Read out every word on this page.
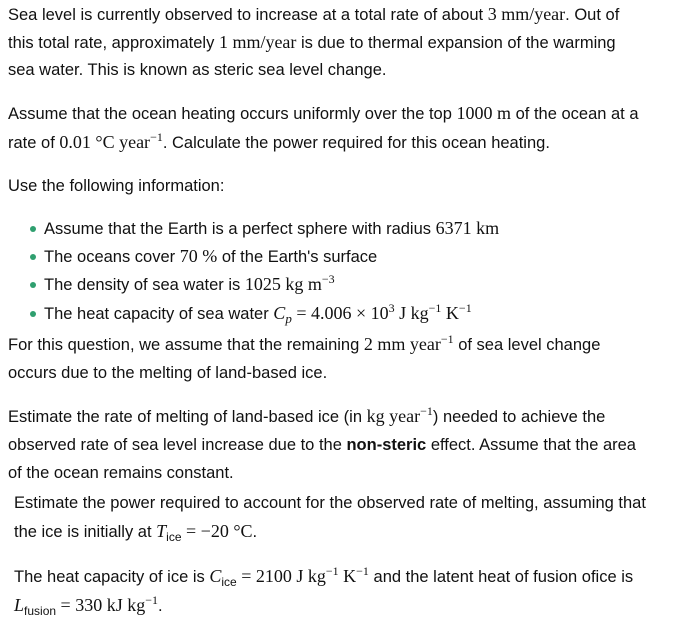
Sea level is currently observed to increase at a total rate of about 3 mm/year. Out of
this total rate, approximately 1 mm/year is due to thermal expansion of the warming
sea water. This is known as steric sea level change.
Assume that the ocean heating occurs uniformly over the top 1000 m of the ocean at a
rate of 0.01 °C year$^{-1}$. Calculate the power required for this ocean heating.
Use the following information:
Assume that the Earth is a perfect sphere with radius 6371 km
The oceans cover 70 % of the Earth's surface
The density of sea water is 1025 kg $m^{-3}$
The heat capacity of sea water $C_p = 4.006 \times 10^3$ J $kg^{-1}$ $K^{-1}$
For this question, we assume that the remaining 2 mm year$^{-1}$ of sea level change
occurs due to the melting of land-based ice.
Estimate the rate of melting of land-based ice (in kg year$^{-1}$) needed to achieve the
observed rate of sea level increase due to the non-steric effect. Assume that the area
of the ocean remains constant.
Estimate the power required to account for the observed rate of melting, assuming that
the ice is initially at $T_{ice} = -20$ °C.
The heat capacity of ice is $C_{ice} = 2100$ J $kg^{-1}$ $K^{-1}$ and the latent heat of fusion ofice is
$L_{fusion} = 330$ kJ $kg^{-1}$.
